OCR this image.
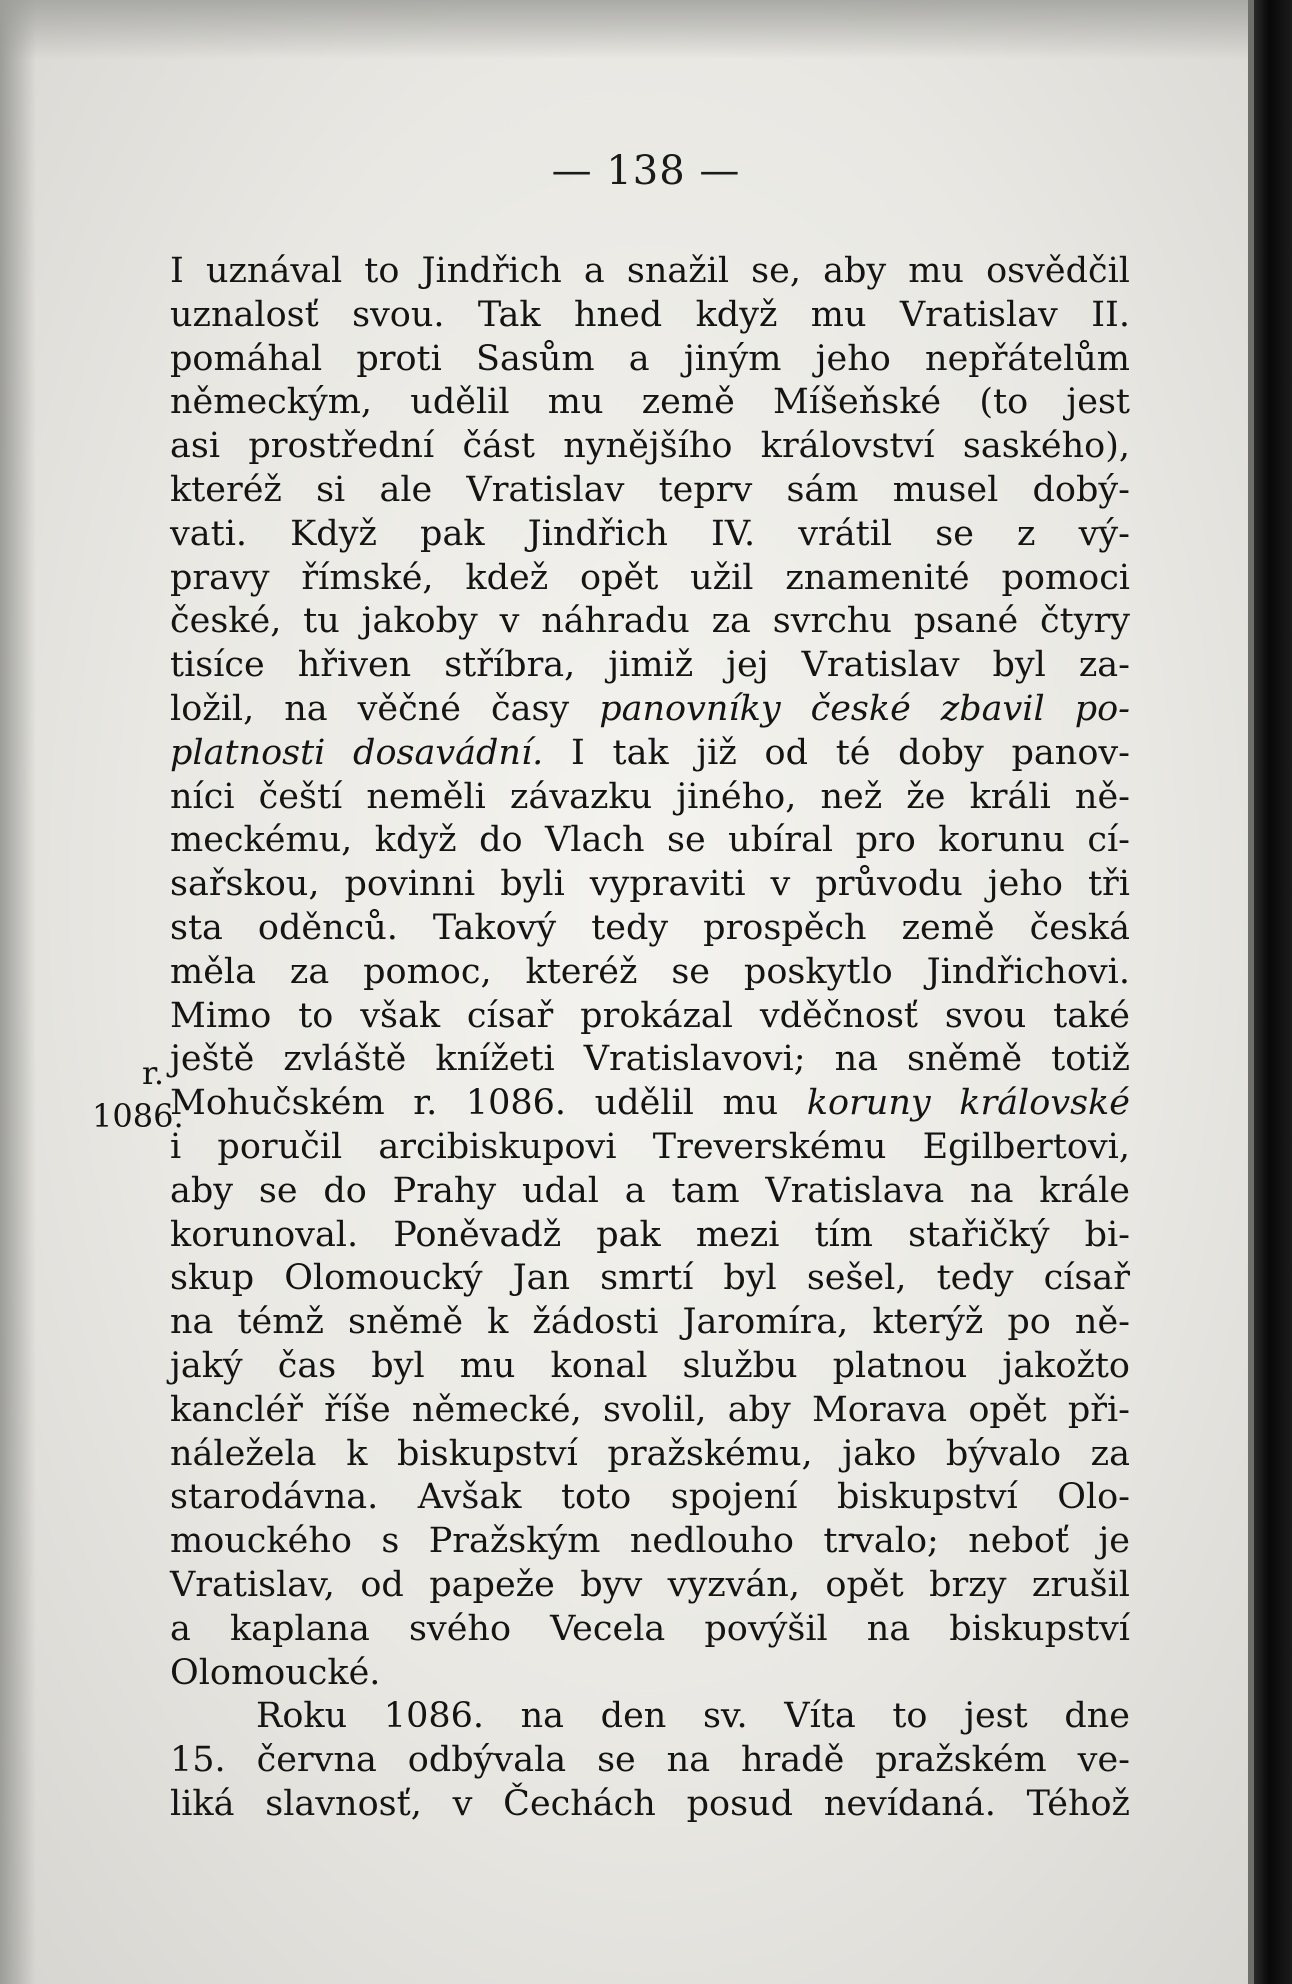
— 138 —
r.
1086.
I uznával to Jindřich a snažil se, aby mu osvědčil
uznalosť svou. Tak hned když mu Vratislav II.
pomáhal proti Sasům a jiným jeho nepřátelům
německým, udělil mu země Míšeňské (to jest
asi prostřední část nynějšího království saského),
kteréž si ale Vratislav teprv sám musel dobý-
vati. Když pak Jindřich IV. vrátil se z vý-
pravy římské, kdež opět užil znamenité pomoci
české, tu jakoby v náhradu za svrchu psané čtyry
tisíce hřiven stříbra, jimiž jej Vratislav byl za-
ložil, na věčné časy panovníky české zbavil po-
platnosti dosavádní. I tak již od té doby panov-
níci čeští neměli závazku jiného, než že králi ně-
meckému, když do Vlach se ubíral pro korunu cí-
sařskou, povinni byli vypraviti v průvodu jeho tři
sta oděnců. Takový tedy prospěch země česká
měla za pomoc, kteréž se poskytlo Jindřichovi.
Mimo to však císař prokázal vděčnosť svou také
ještě zvláště knížeti Vratislavovi; na sněmě totiž
Mohučském r. 1086. udělil mu koruny královské
i poručil arcibiskupovi Treverskému Egilbertovi,
aby se do Prahy udal a tam Vratislava na krále
korunoval. Poněvadž pak mezi tím stařičký bi-
skup Olomoucký Jan smrtí byl sešel, tedy císař
na témž sněmě k žádosti Jaromíra, kterýž po ně-
jaký čas byl mu konal službu platnou jakožto
kancléř říše německé, svolil, aby Morava opět při-
náležela k biskupství pražskému, jako bývalo za
starodávna. Avšak toto spojení biskupství Olo-
mouckého s Pražským nedlouho trvalo; neboť je
Vratislav, od papeže byv vyzván, opět brzy zrušil
a kaplana svého Vecela povýšil na biskupství
Olomoucké.
Roku 1086. na den sv. Víta to jest dne
15. června odbývala se na hradě pražském ve-
liká slavnosť, v Čechách posud nevídaná. Téhož
